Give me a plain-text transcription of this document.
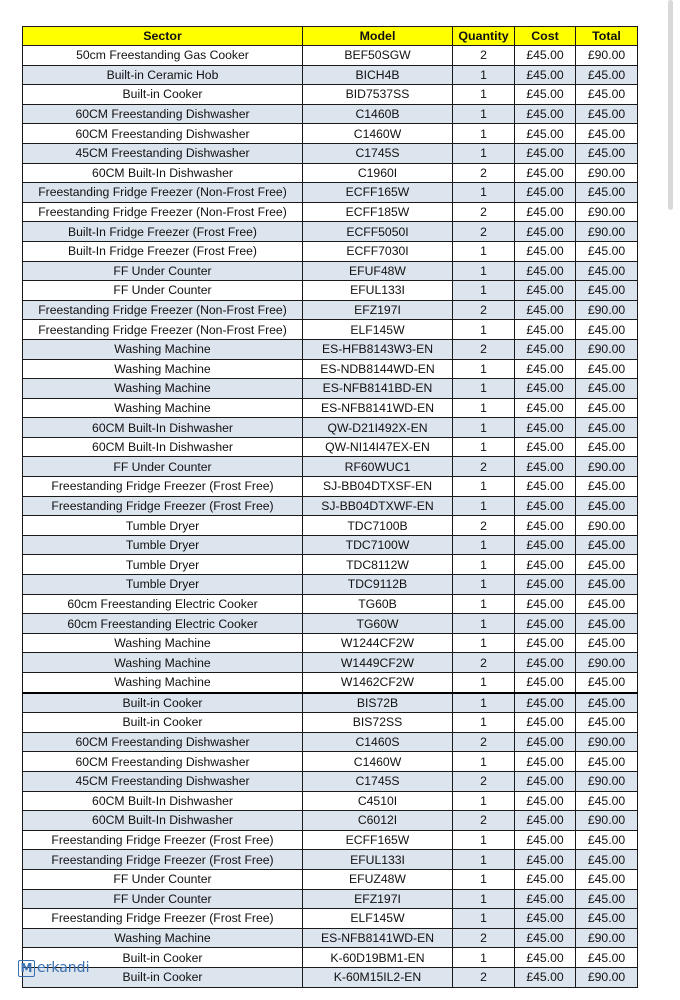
Sector	Model	Quantity	Cost	Total
50cm Freestanding Gas Cooker	BEF50SGW	2	£45.00	£90.00
Built-in Ceramic Hob	BICH4B	1	£45.00	£45.00
Built-in Cooker	BID7537SS	1	£45.00	£45.00
60CM Freestanding Dishwasher	C1460B	1	£45.00	£45.00
60CM Freestanding Dishwasher	C1460W	1	£45.00	£45.00
45CM Freestanding Dishwasher	C1745S	1	£45.00	£45.00
60CM Built-In Dishwasher	C1960I	2	£45.00	£90.00
Freestanding Fridge Freezer (Non-Frost Free)	ECFF165W	1	£45.00	£45.00
Freestanding Fridge Freezer (Non-Frost Free)	ECFF185W	2	£45.00	£90.00
Built-In Fridge Freezer (Frost Free)	ECFF5050I	2	£45.00	£90.00
Built-In Fridge Freezer (Frost Free)	ECFF7030I	1	£45.00	£45.00
FF Under Counter	EFUF48W	1	£45.00	£45.00
FF Under Counter	EFUL133I	1	£45.00	£45.00
Freestanding Fridge Freezer (Non-Frost Free)	EFZ197I	2	£45.00	£90.00
Freestanding Fridge Freezer (Non-Frost Free)	ELF145W	1	£45.00	£45.00
Washing Machine	ES-HFB8143W3-EN	2	£45.00	£90.00
Washing Machine	ES-NDB8144WD-EN	1	£45.00	£45.00
Washing Machine	ES-NFB8141BD-EN	1	£45.00	£45.00
Washing Machine	ES-NFB8141WD-EN	1	£45.00	£45.00
60CM Built-In Dishwasher	QW-D21I492X-EN	1	£45.00	£45.00
60CM Built-In Dishwasher	QW-NI14I47EX-EN	1	£45.00	£45.00
FF Under Counter	RF60WUC1	2	£45.00	£90.00
Freestanding Fridge Freezer (Frost Free)	SJ-BB04DTXSF-EN	1	£45.00	£45.00
Freestanding Fridge Freezer (Frost Free)	SJ-BB04DTXWF-EN	1	£45.00	£45.00
Tumble Dryer	TDC7100B	2	£45.00	£90.00
Tumble Dryer	TDC7100W	1	£45.00	£45.00
Tumble Dryer	TDC8112W	1	£45.00	£45.00
Tumble Dryer	TDC9112B	1	£45.00	£45.00
60cm Freestanding Electric Cooker	TG60B	1	£45.00	£45.00
60cm Freestanding Electric Cooker	TG60W	1	£45.00	£45.00
Washing Machine	W1244CF2W	1	£45.00	£45.00
Washing Machine	W1449CF2W	2	£45.00	£90.00
Washing Machine	W1462CF2W	1	£45.00	£45.00
Built-in Cooker	BIS72B	1	£45.00	£45.00
Built-in Cooker	BIS72SS	1	£45.00	£45.00
60CM Freestanding Dishwasher	C1460S	2	£45.00	£90.00
60CM Freestanding Dishwasher	C1460W	1	£45.00	£45.00
45CM Freestanding Dishwasher	C1745S	2	£45.00	£90.00
60CM Built-In Dishwasher	C4510I	1	£45.00	£45.00
60CM Built-In Dishwasher	C6012I	2	£45.00	£90.00
Freestanding Fridge Freezer (Frost Free)	ECFF165W	1	£45.00	£45.00
Freestanding Fridge Freezer (Frost Free)	EFUL133I	1	£45.00	£45.00
FF Under Counter	EFUZ48W	1	£45.00	£45.00
FF Under Counter	EFZ197I	1	£45.00	£45.00
Freestanding Fridge Freezer (Frost Free)	ELF145W	1	£45.00	£45.00
Washing Machine	ES-NFB8141WD-EN	2	£45.00	£90.00
Built-in Cooker	K-60D19BM1-EN	1	£45.00	£45.00
Built-in Cooker	K-60M15IL2-EN	2	£45.00	£90.00
M erkandi
